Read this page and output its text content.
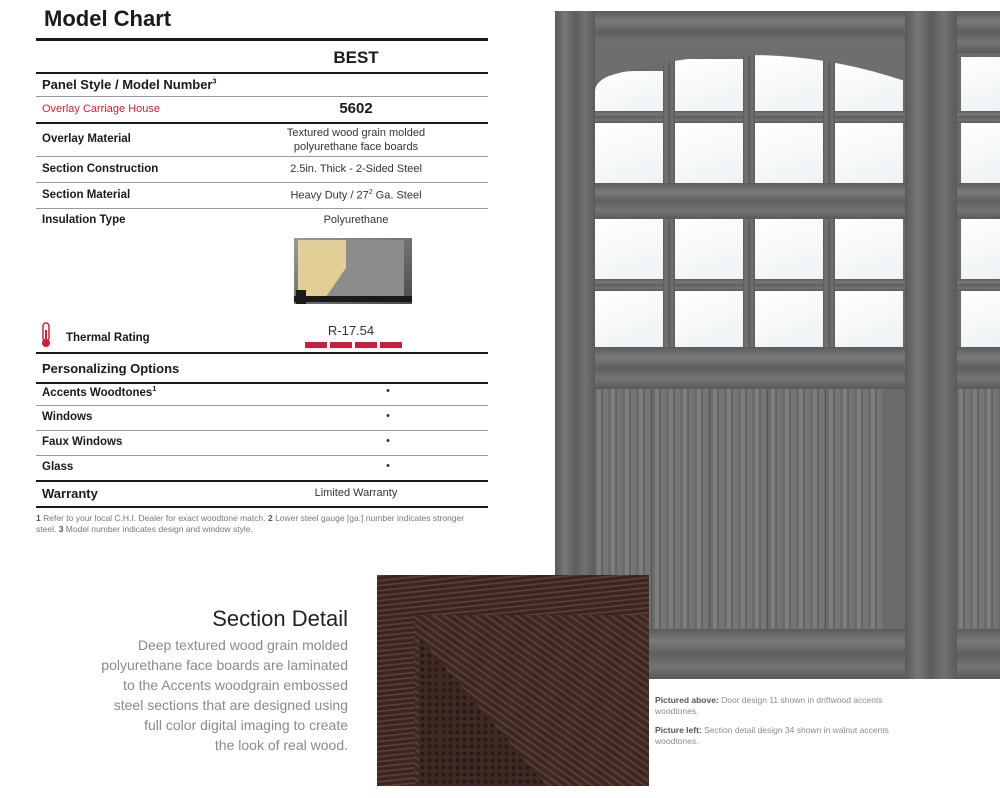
Model Chart
BEST
Panel Style / Model Number$^3$
Overlay Carriage House	5602
Overlay Material	Textured wood grain molded
polyurethane face boards
Section Construction	2.5in. Thick - 2-Sided Steel
Section Material	Heavy Duty / $27^2$ Ga. Steel
Insulation Type	Polyurethane
Thermal Rating	R-17.54
Personalizing Options
Accents Woodtones$^1$	•
Windows	•
Faux Windows	•
Glass	•
Warranty	Limited Warranty
1 Refer to your local C.H.I. Dealer for exact woodtone match. 2 Lower steel gauge [ga.] number indicates stronger steel. 3 Model number indicates design and window style.
Section Detail
Deep textured wood grain molded
polyurethane face boards are laminated
to the Accents woodgrain embossed
steel sections that are designed using
full color digital imaging to create
the look of real wood.
Pictured above: Door design 11 shown in driftwood accents woodtones.
Picture left: Section detail design 34 shown in walnut accents woodtones.
